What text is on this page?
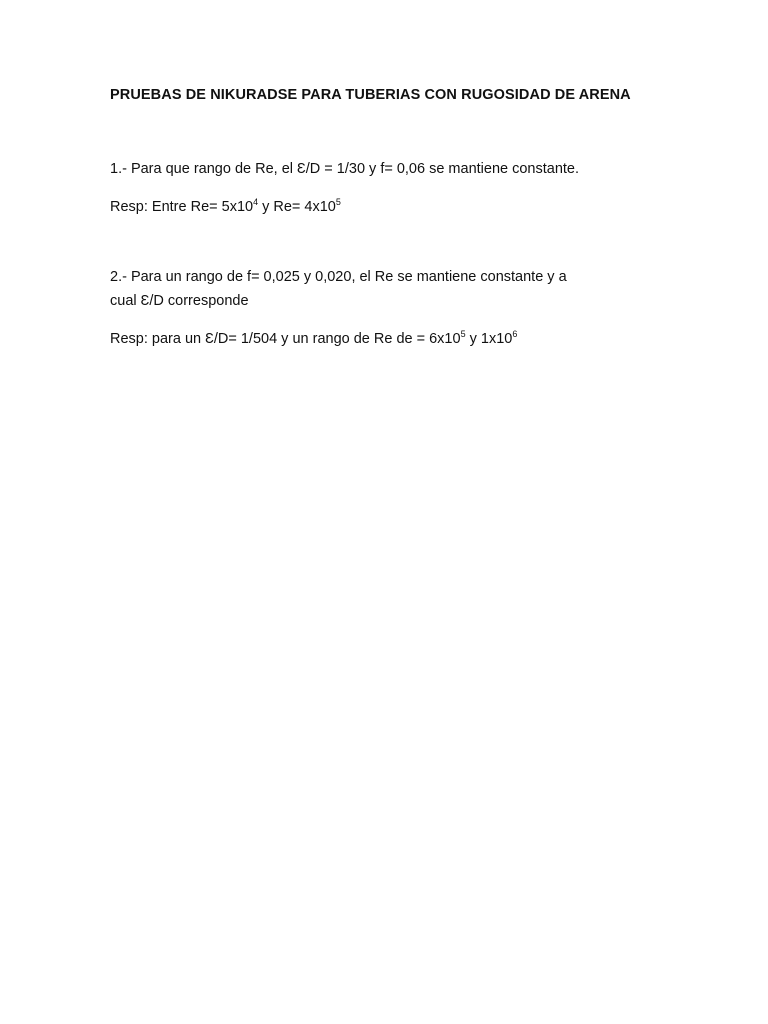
PRUEBAS DE NIKURADSE PARA TUBERIAS CON RUGOSIDAD DE ARENA

1.- Para que rango de Re, el Ɛ/D = 1/30 y f= 0,06 se mantiene constante.

Resp: Entre $Re= 5x10^4$ y $Re= 4x10^5$

2.- Para un rango de f= 0,025 y 0,020, el Re se mantiene constante y a

cual Ɛ/D corresponde

Resp: para un Ɛ/D= 1/504 y un rango de Re de = $6x10^5$ y $1x10^6$
